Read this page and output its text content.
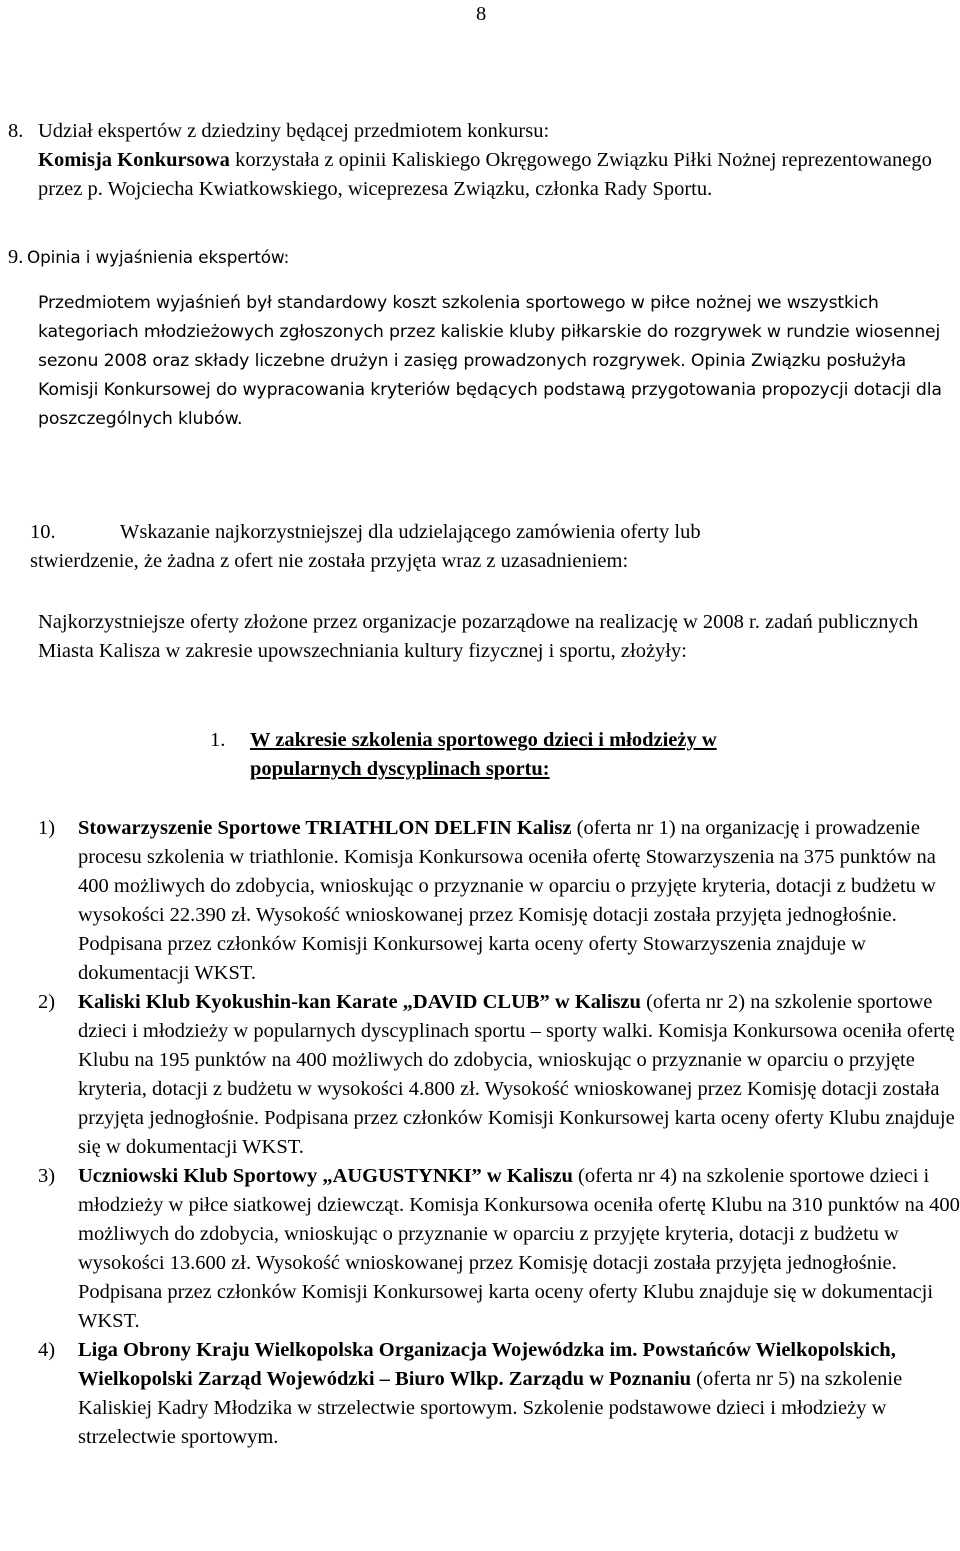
8
8. Udział ekspertów z dziedziny będącej przedmiotem konkursu:
Komisja Konkursowa korzystała z opinii Kaliskiego Okręgowego Związku Piłki Nożnej reprezentowanego przez p. Wojciecha Kwiatkowskiego, wiceprezesa Związku, członka Rady Sportu.
9. Opinia i wyjaśnienia ekspertów:
Przedmiotem wyjaśnień był standardowy koszt szkolenia sportowego w piłce nożnej we wszystkich kategoriach młodzieżowych zgłoszonych przez kaliskie kluby piłkarskie do rozgrywek w rundzie wiosennej sezonu 2008 oraz składy liczebne drużyn i zasięg prowadzonych rozgrywek. Opinia Związku posłużyła Komisji Konkursowej do wypracowania kryteriów będących podstawą przygotowania propozycji dotacji dla poszczególnych klubów.
10.	Wskazanie najkorzystniejszej dla udzielającego zamówienia oferty lub
stwierdzenie, że żadna z ofert nie została przyjęta wraz z uzasadnieniem:
Najkorzystniejsze oferty złożone przez organizacje pozarządowe na realizację w 2008 r. zadań publicznych Miasta Kalisza w zakresie upowszechniania kultury fizycznej i sportu, złożyły:
1.	W zakresie szkolenia sportowego dzieci i młodzieży w
popularnych dyscyplinach sportu:
1)	Stowarzyszenie Sportowe TRIATHLON DELFIN Kalisz (oferta nr 1) na organizację i prowadzenie procesu szkolenia w triathlonie. Komisja Konkursowa oceniła ofertę Stowarzyszenia na 375 punktów na 400 możliwych do zdobycia, wnioskując o przyznanie w oparciu o przyjęte kryteria, dotacji z budżetu w wysokości 22.390 zł. Wysokość wnioskowanej przez Komisję dotacji została przyjęta jednogłośnie. Podpisana przez członków Komisji Konkursowej karta oceny oferty Stowarzyszenia znajduje w dokumentacji WKST.
2)	Kaliski Klub Kyokushin-kan Karate „DAVID CLUB” w Kaliszu (oferta nr 2) na szkolenie sportowe dzieci i młodzieży w popularnych dyscyplinach sportu – sporty walki. Komisja Konkursowa oceniła ofertę Klubu na 195 punktów na 400 możliwych do zdobycia, wnioskując o przyznanie w oparciu o przyjęte kryteria, dotacji z budżetu w wysokości 4.800 zł. Wysokość wnioskowanej przez Komisję dotacji została przyjęta jednogłośnie. Podpisana przez członków Komisji Konkursowej karta oceny oferty Klubu znajduje się w dokumentacji WKST.
3)	Uczniowski Klub Sportowy „AUGUSTYNKI” w Kaliszu (oferta nr 4) na szkolenie sportowe dzieci i młodzieży w piłce siatkowej dziewcząt. Komisja Konkursowa oceniła ofertę Klubu na 310 punktów na 400 możliwych do zdobycia, wnioskując o przyznanie w oparciu z przyjęte kryteria, dotacji z budżetu w wysokości 13.600 zł. Wysokość wnioskowanej przez Komisję dotacji została przyjęta jednogłośnie. Podpisana przez członków Komisji Konkursowej karta oceny oferty Klubu znajduje się w dokumentacji WKST.
4)	Liga Obrony Kraju Wielkopolska Organizacja Wojewódzka im. Powstańców Wielkopolskich, Wielkopolski Zarząd Wojewódzki – Biuro Wlkp. Zarządu w Poznaniu (oferta nr 5) na szkolenie Kaliskiej Kadry Młodzika w strzelectwie sportowym. Szkolenie podstawowe dzieci i młodzieży w strzelectwie sportowym.
